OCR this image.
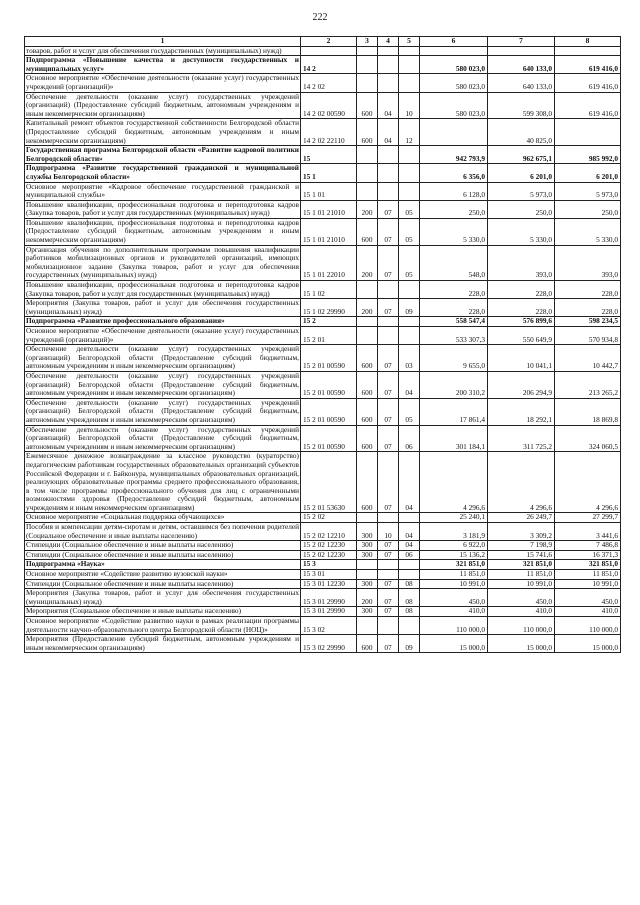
222
1	2	3	4	5	6	7	8
товаров, работ и услуг для обеспечения государственных (муниципальных) нужд)							
Подпрограмма «Повышение качества и доступности государственных и муниципальных услуг»	14 2				580 023,0	640 133,0	619 416,0
Основное мероприятие «Обеспечение деятельности (оказание услуг) государственных учреждений (организаций)»	14 2 02				580 023,0	640 133,0	619 416,0
Обеспечение деятельности (оказание услуг) государственных учреждений (организаций) (Предоставление субсидий бюджетным, автономным учреждениям и иным некоммерческим организациям)	14 2 02 00590	600	04	10	580 023,0	599 308,0	619 416,0
Капитальный ремонт объектов государственной собственности Белгородской области (Предоставление субсидий бюджетным, автономным учреждениям и иным некоммерческим организациям)	14 2 02 22110	600	04	12		40 825,0	
Государственная программа Белгородской области «Развитие кадровой политики Белгородской области»	15				942 793,9	962 675,1	985 992,0
Подпрограмма «Развитие государственной гражданской и муниципальной службы Белгородской области»	15 1				6 356,0	6 201,0	6 201,0
Основное мероприятие «Кадровое обеспечение государственной гражданской и муниципальной службы»	15 1 01				6 128,0	5 973,0	5 973,0
Повышение квалификации, профессиональная подготовка и переподготовка кадров (Закупка товаров, работ и услуг для государственных (муниципальных) нужд)	15 1 01 21010	200	07	05	250,0	250,0	250,0
Повышение квалификации, профессиональная подготовка и переподготовка кадров (Предоставление субсидий бюджетным, автономным учреждениям и иным некоммерческим организациям)	15 1 01 21010	600	07	05	5 330,0	5 330,0	5 330,0
Организация обучения по дополнительным программам повышения квалификации работников мобилизационных органов и руководителей организаций, имеющих мобилизационное задание (Закупка товаров, работ и услуг для обеспечения государственных (муниципальных) нужд)	15 1 01 22010	200	07	05	548,0	393,0	393,0
Повышение квалификации, профессиональная подготовка и переподготовка кадров (Закупка товаров, работ и услуг для государственных (муниципальных) нужд)	15 1 02				228,0	228,0	228,0
Мероприятия (Закупка товаров, работ и услуг для обеспечения государственных (муниципальных) нужд)	15 1 02 29990	200	07	09	228,0	228,0	228,0
Подпрограмма «Развитие профессионального образования»	15 2				558 547,4	576 899,6	598 234,5
Основное мероприятие «Обеспечение деятельности (оказание услуг) государственных учреждений (организаций)»	15 2 01				533 307,3	550 649,9	570 934,8
Обеспечение деятельности (оказание услуг) государственных учреждений (организаций) Белгородской области (Предоставление субсидий бюджетным, автономным учреждениям и иным некоммерческим организациям)	15 2 01 00590	600	07	03	9 655,0	10 041,1	10 442,7
Обеспечение деятельности (оказание услуг) государственных учреждений (организаций) Белгородской области (Предоставление субсидий бюджетным, автономным учреждениям и иным некоммерческим организациям)	15 2 01 00590	600	07	04	200 310,2	206 294,9	213 265,2
Обеспечение деятельности (оказание услуг) государственных учреждений (организаций) Белгородской области (Предоставление субсидий бюджетным, автономным учреждениям и иным некоммерческим организациям)	15 2 01 00590	600	07	05	17 861,4	18 292,1	18 869,8
Обеспечение деятельности (оказание услуг) государственных учреждений (организаций) Белгородской области (Предоставление субсидий бюджетным, автономным учреждениям и иным некоммерческим организациям)	15 2 01 00590	600	07	06	301 184,1	311 725,2	324 060,5
Ежемесячное денежное вознаграждение за классное руководство (кураторство) педагогическим работникам государственных образовательных организаций субъектов Российской Федерации и г. Байконура, муниципальных образовательных организаций, реализующих образовательные программы среднего профессионального образования, в том числе программы профессионального обучения для лиц с ограниченными возможностями здоровья (Предоставление субсидий бюджетным, автономным учреждениям и иным некоммерческим организациям)	15 2 01 53630	600	07	04	4 296,6	4 296,6	4 296,6
Основное мероприятие «Социальная поддержка обучающихся»	15 2 02				25 240,1	26 249,7	27 299,7
Пособия и компенсации детям-сиротам и детям, оставшимся без попечения родителей (Социальное обеспечение и иные выплаты населению)	15 2 02 12210	300	10	04	3 181,9	3 309,2	3 441,6
Стипендии (Социальное обеспечение и иные выплаты населению)	15 2 02 12230	300	07	04	6 922,0	7 198,9	7 486,8
Стипендии (Социальное обеспечение и иные выплаты населению)	15 2 02 12230	300	07	06	15 136,2	15 741,6	16 371,3
Подпрограмма «Наука»	15 3				321 851,0	321 851,0	321 851,0
Основное мероприятие «Содействие развитию вузовской науки»	15 3 01				11 851,0	11 851,0	11 851,0
Стипендии (Социальное обеспечение и иные выплаты населению)	15 3 01 12230	300	07	08	10 991,0	10 991,0	10 991,0
Мероприятия (Закупка товаров, работ и услуг для обеспечения государственных (муниципальных) нужд)	15 3 01 29990	200	07	08	450,0	450,0	450,0
Мероприятия (Социальное обеспечение и иные выплаты населению)	15 3 01 29990	300	07	08	410,0	410,0	410,0
Основное мероприятие «Содействие развитию науки в рамках реализации программы деятельности научно-образовательного центра Белгородской области (НОЦ)»	15 3 02				110 000,0	110 000,0	110 000,0
Мероприятия (Предоставление субсидий бюджетным, автономным учреждениям и иным некоммерческим организациям)	15 3 02 29990	600	07	09	15 000,0	15 000,0	15 000,0
